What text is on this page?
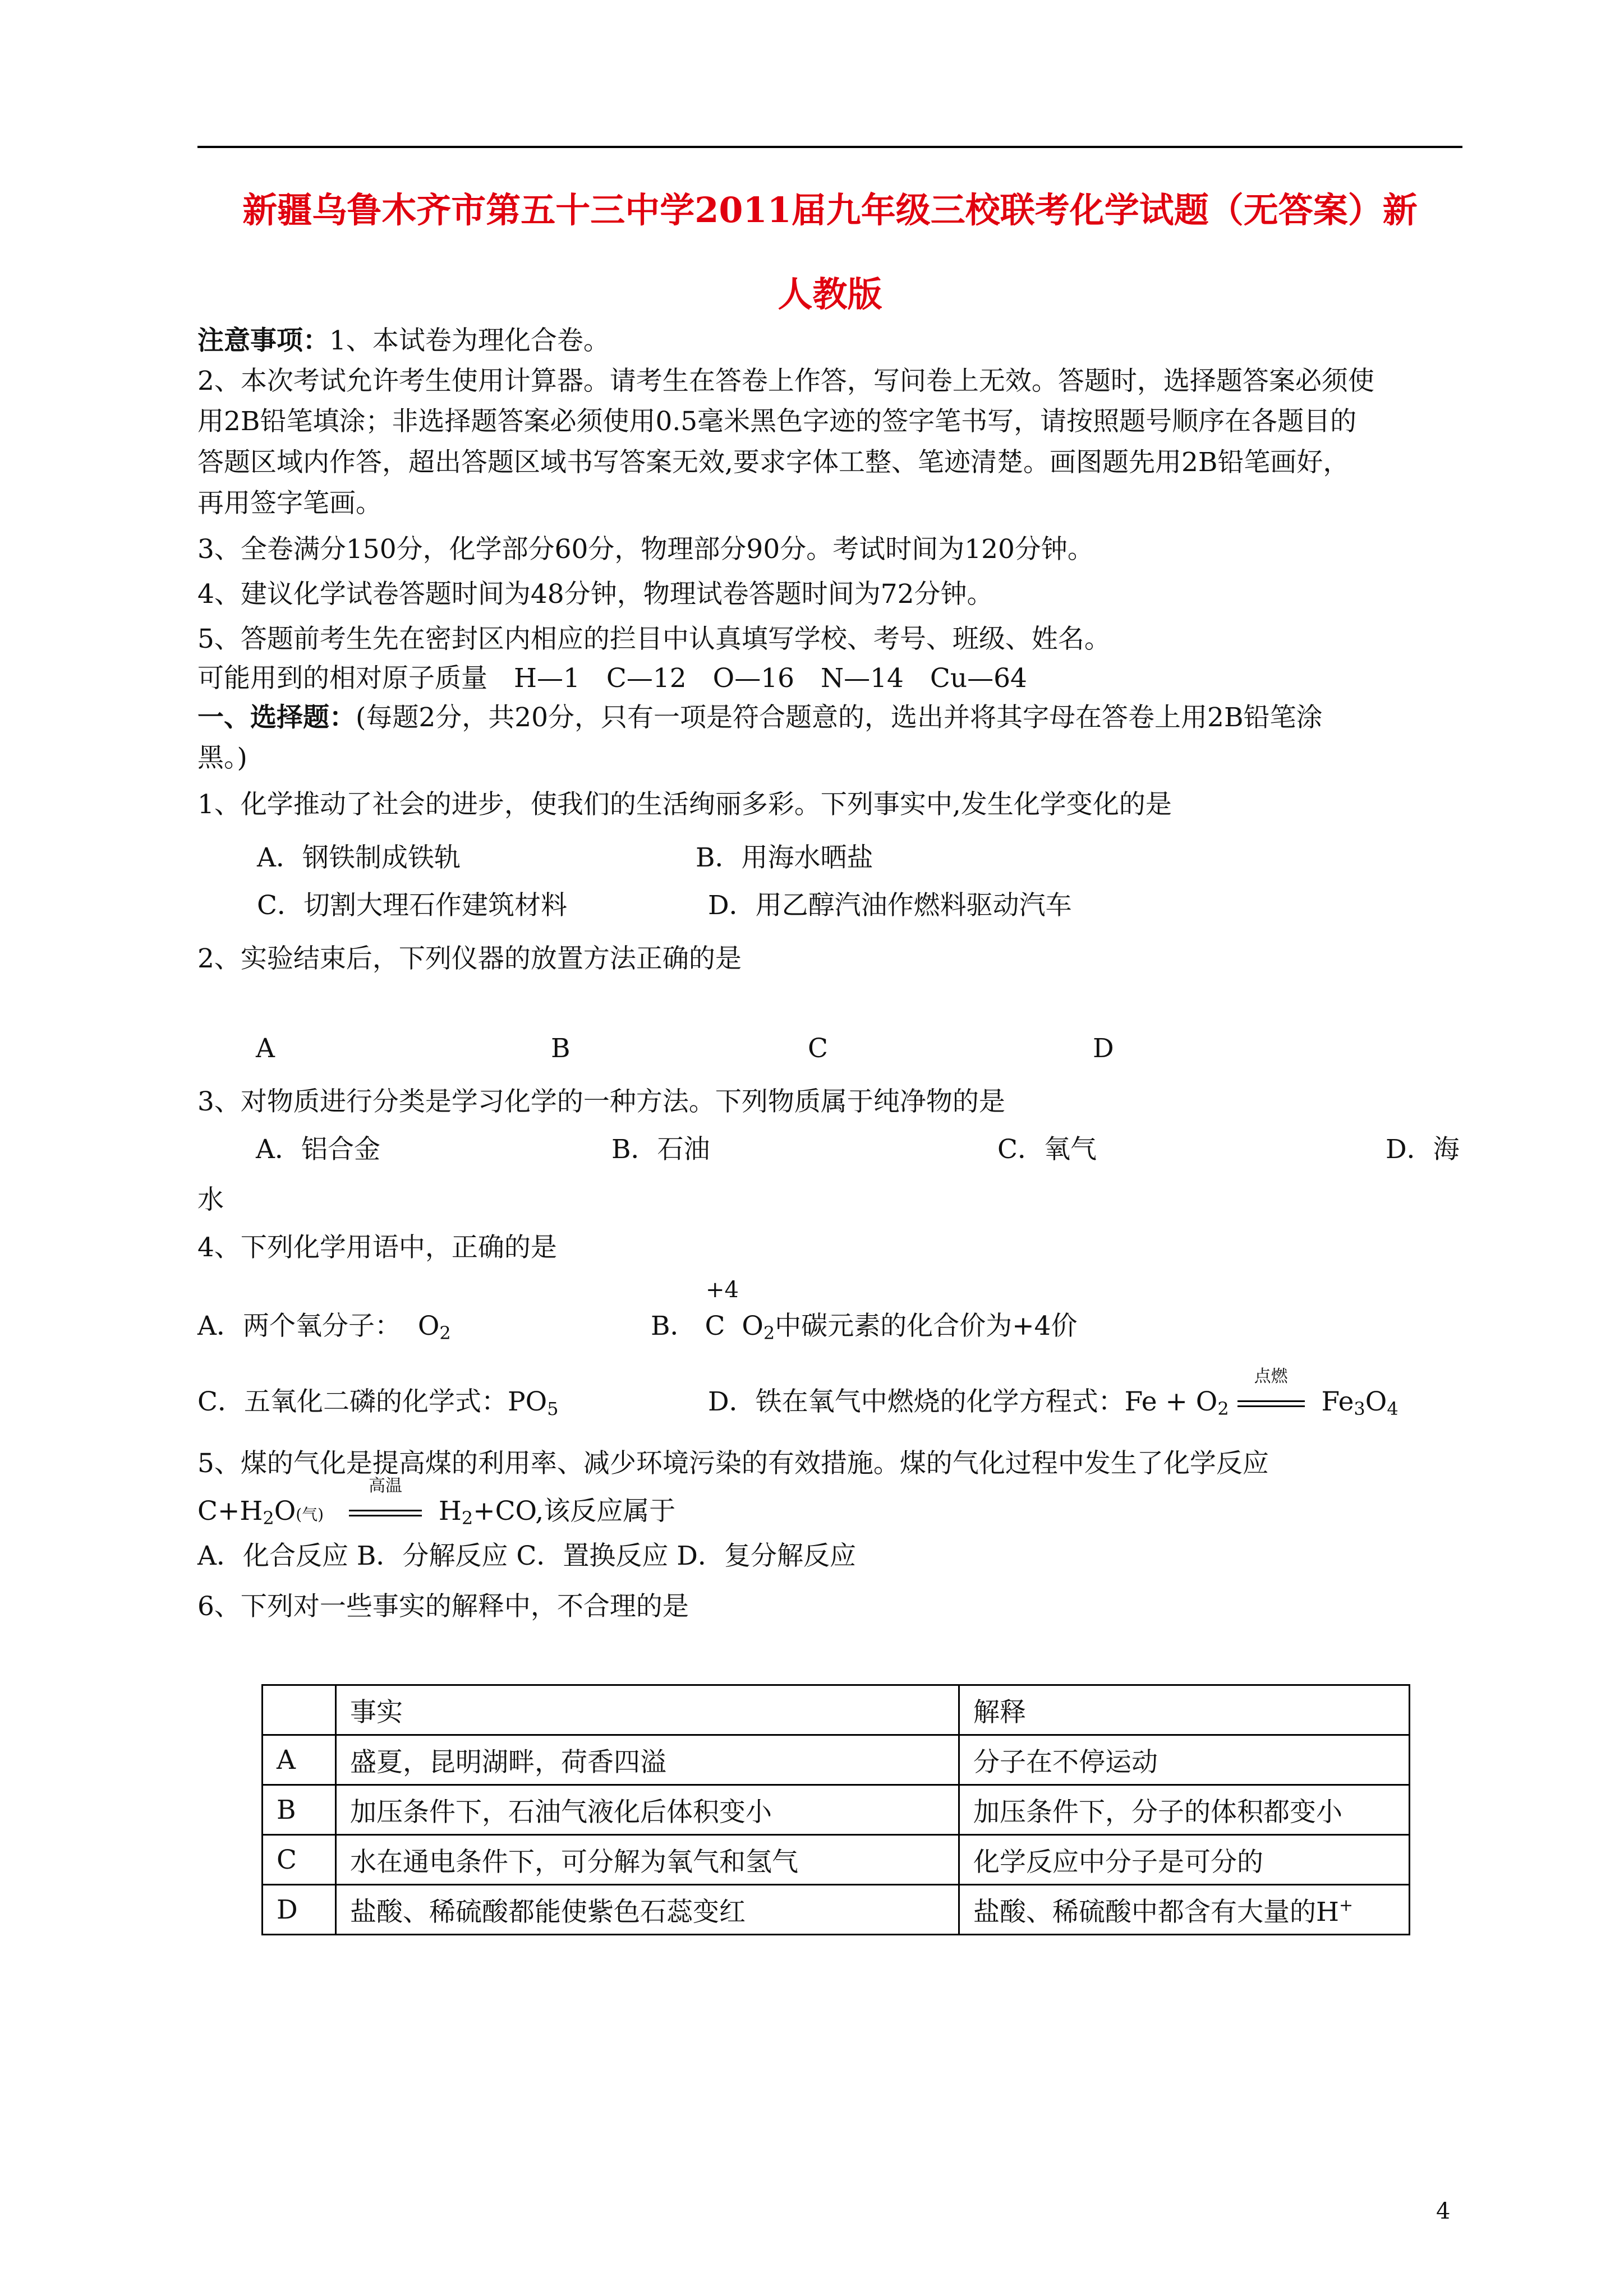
新疆乌鲁木齐市第五十三中学2011届九年级三校联考化学试题（无答案）新
人教版
注意事项：1、本试卷为理化合卷。
2、本次考试允许考生使用计算器。请考生在答卷上作答，写问卷上无效。答题时，选择题答案必须使
用2B铅笔填涂；非选择题答案必须使用0.5毫米黑色字迹的签字笔书写，请按照题号顺序在各题目的
答题区域内作答，超出答题区域书写答案无效,要求字体工整、笔迹清楚。画图题先用2B铅笔画好，
再用签字笔画。
3、全卷满分150分，化学部分60分，物理部分90分。考试时间为120分钟。
4、建议化学试卷答题时间为48分钟，物理试卷答题时间为72分钟。
5、答题前考生先在密封区内相应的拦目中认真填写学校、考号、班级、姓名。
可能用到的相对原子质量　H—1　C—12　O—16　N—14　Cu—64
一、选择题：(每题2分，共20分，只有一项是符合题意的，选出并将其字母在答卷上用2B铅笔涂
黑。)
1、化学推动了社会的进步，使我们的生活绚丽多彩。下列事实中,发生化学变化的是
A．钢铁制成铁轨	B．用海水晒盐
C．切割大理石作建筑材料	D．用乙醇汽油作燃料驱动汽车
2、实验结束后，下列仪器的放置方法正确的是
A	B	C	D
3、对物质进行分类是学习化学的一种方法。下列物质属于纯净物的是
A．铝合金	B．石油	C．氧气	D．海
水
4、下列化学用语中，正确的是
A．两个氧分子： $O_2$
+4
B． C $O_2$中碳元素的化合价为+4价
C．五氧化二磷的化学式：$PO_5$	D．铁在氧气中燃烧的化学方程式：$Fe + O_2$
点燃
$Fe_3O_4$
5、煤的气化是提高煤的利用率、减少环境污染的有效措施。煤的气化过程中发生了化学反应
$C+H_2O$(气)
高温
$H_2+CO$,该反应属于
A．化合反应 B．分解反应 C．置换反应 D．复分解反应
6、下列对一些事实的解释中，不合理的是
	事实	解释
A	盛夏，昆明湖畔，荷香四溢	分子在不停运动
B	加压条件下，石油气液化后体积变小	加压条件下，分子的体积都变小
C	水在通电条件下，可分解为氧气和氢气	化学反应中分子是可分的
D	盐酸、稀硫酸都能使紫色石蕊变红	盐酸、稀硫酸中都含有大量的H+
4
